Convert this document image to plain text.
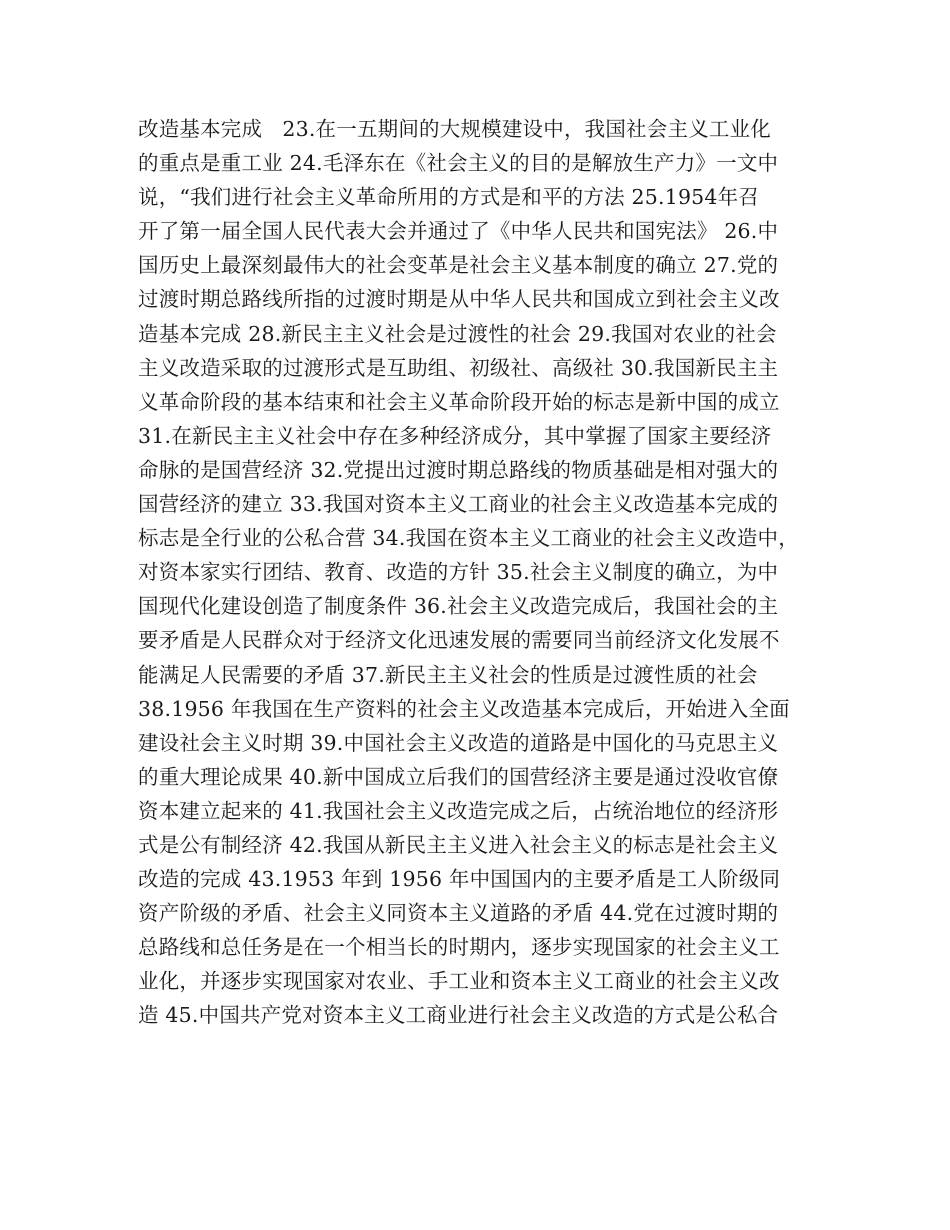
改造基本完成   23.在一五期间的大规模建设中，我国社会主义工业化
的重点是重工业 24.毛泽东在《社会主义的目的是解放生产力》一文中
说，“我们进行社会主义革命所用的方式是和平的方法 25.1954年召
开了第一届全国人民代表大会并通过了《中华人民共和国宪法》 26.中
国历史上最深刻最伟大的社会变革是社会主义基本制度的确立 27.党的
过渡时期总路线所指的过渡时期是从中华人民共和国成立到社会主义改
造基本完成 28.新民主主义社会是过渡性的社会 29.我国对农业的社会
主义改造采取的过渡形式是互助组、初级社、高级社 30.我国新民主主
义革命阶段的基本结束和社会主义革命阶段开始的标志是新中国的成立
31.在新民主主义社会中存在多种经济成分，其中掌握了国家主要经济
命脉的是国营经济 32.党提出过渡时期总路线的物质基础是相对强大的
国营经济的建立 33.我国对资本主义工商业的社会主义改造基本完成的
标志是全行业的公私合营 34.我国在资本主义工商业的社会主义改造中，
对资本家实行团结、教育、改造的方针 35.社会主义制度的确立，为中
国现代化建设创造了制度条件 36.社会主义改造完成后，我国社会的主
要矛盾是人民群众对于经济文化迅速发展的需要同当前经济文化发展不
能满足人民需要的矛盾 37.新民主主义社会的性质是过渡性质的社会
38.1956 年我国在生产资料的社会主义改造基本完成后，开始进入全面
建设社会主义时期 39.中国社会主义改造的道路是中国化的马克思主义
的重大理论成果 40.新中国成立后我们的国营经济主要是通过没收官僚
资本建立起来的 41.我国社会主义改造完成之后，占统治地位的经济形
式是公有制经济 42.我国从新民主主义进入社会主义的标志是社会主义
改造的完成 43.1953 年到 1956 年中国国内的主要矛盾是工人阶级同
资产阶级的矛盾、社会主义同资本主义道路的矛盾 44.党在过渡时期的
总路线和总任务是在一个相当长的时期内，逐步实现国家的社会主义工
业化，并逐步实现国家对农业、手工业和资本主义工商业的社会主义改
造 45.中国共产党对资本主义工商业进行社会主义改造的方式是公私合
